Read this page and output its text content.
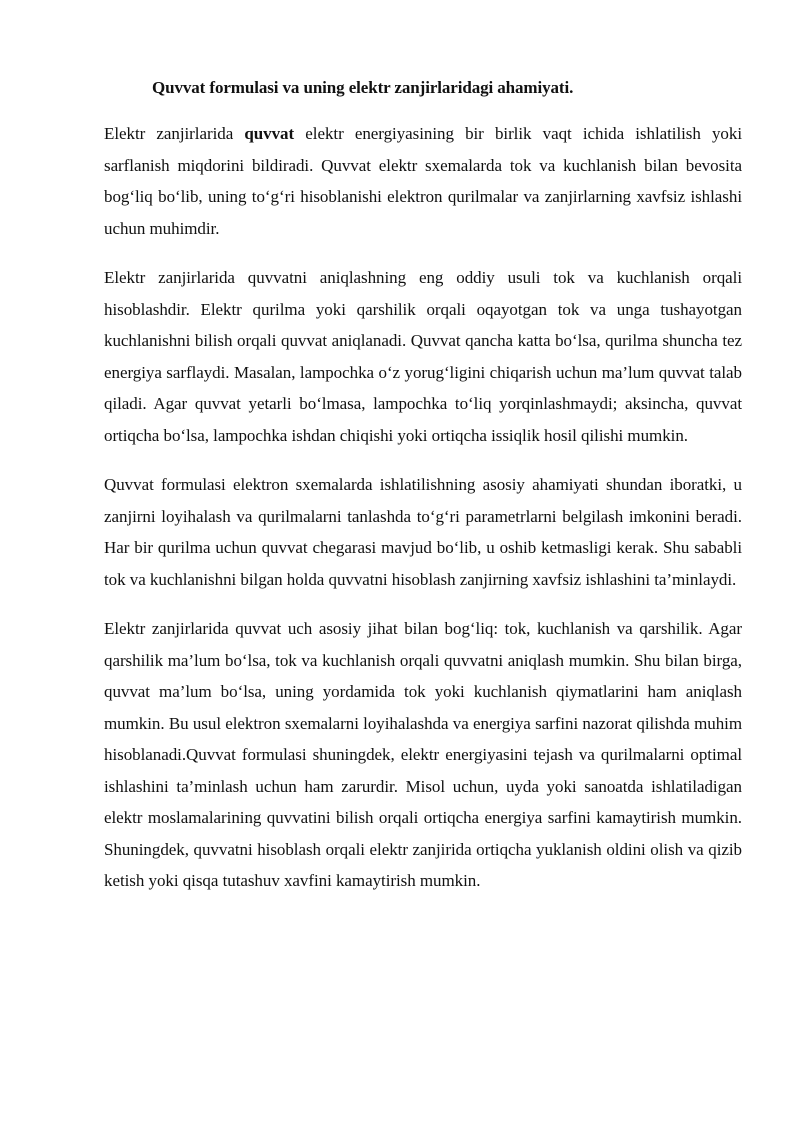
Quvvat formulasi va uning elektr zanjirlaridagi ahamiyati.

Elektr zanjirlarida quvvat elektr energiyasining bir birlik vaqt ichida ishlatilish yoki sarflanish miqdorini bildiradi. Quvvat elektr sxemalarda tok va kuchlanish bilan bevosita bog‘liq bo‘lib, uning to‘g‘ri hisoblanishi elektron qurilmalar va zanjirlarning xavfsiz ishlashi uchun muhimdir.

Elektr zanjirlarida quvvatni aniqlashning eng oddiy usuli tok va kuchlanish orqali hisoblashdir. Elektr qurilma yoki qarshilik orqali oqayotgan tok va unga tushayotgan kuchlanishni bilish orqali quvvat aniqlanadi. Quvvat qancha katta bo‘lsa, qurilma shuncha tez energiya sarflaydi. Masalan, lampochka o‘z yorug‘ligini chiqarish uchun ma’lum quvvat talab qiladi. Agar quvvat yetarli bo‘lmasa, lampochka to‘liq yorqinlashmaydi; aksincha, quvvat ortiqcha bo‘lsa, lampochka ishdan chiqishi yoki ortiqcha issiqlik hosil qilishi mumkin.

Quvvat formulasi elektron sxemalarda ishlatilishning asosiy ahamiyati shundan iboratki, u zanjirni loyihalash va qurilmalarni tanlashda to‘g‘ri parametrlarni belgilash imkonini beradi. Har bir qurilma uchun quvvat chegarasi mavjud bo‘lib, u oshib ketmasligi kerak. Shu sababli tok va kuchlanishni bilgan holda quvvatni hisoblash zanjirning xavfsiz ishlashini ta’minlaydi.

Elektr zanjirlarida quvvat uch asosiy jihat bilan bog‘liq: tok, kuchlanish va qarshilik. Agar qarshilik ma’lum bo‘lsa, tok va kuchlanish orqali quvvatni aniqlash mumkin. Shu bilan birga, quvvat ma’lum bo‘lsa, uning yordamida tok yoki kuchlanish qiymatlarini ham aniqlash mumkin. Bu usul elektron sxemalarni loyihalashda va energiya sarfini nazorat qilishda muhim hisoblanadi.Quvvat formulasi shuningdek, elektr energiyasini tejash va qurilmalarni optimal ishlashini ta’minlash uchun ham zarurdir. Misol uchun, uyda yoki sanoatda ishlatiladigan elektr moslamalarining quvvatini bilish orqali ortiqcha energiya sarfini kamaytirish mumkin. Shuningdek, quvvatni hisoblash orqali elektr zanjirida ortiqcha yuklanish oldini olish va qizib ketish yoki qisqa tutashuv xavfini kamaytirish mumkin.
